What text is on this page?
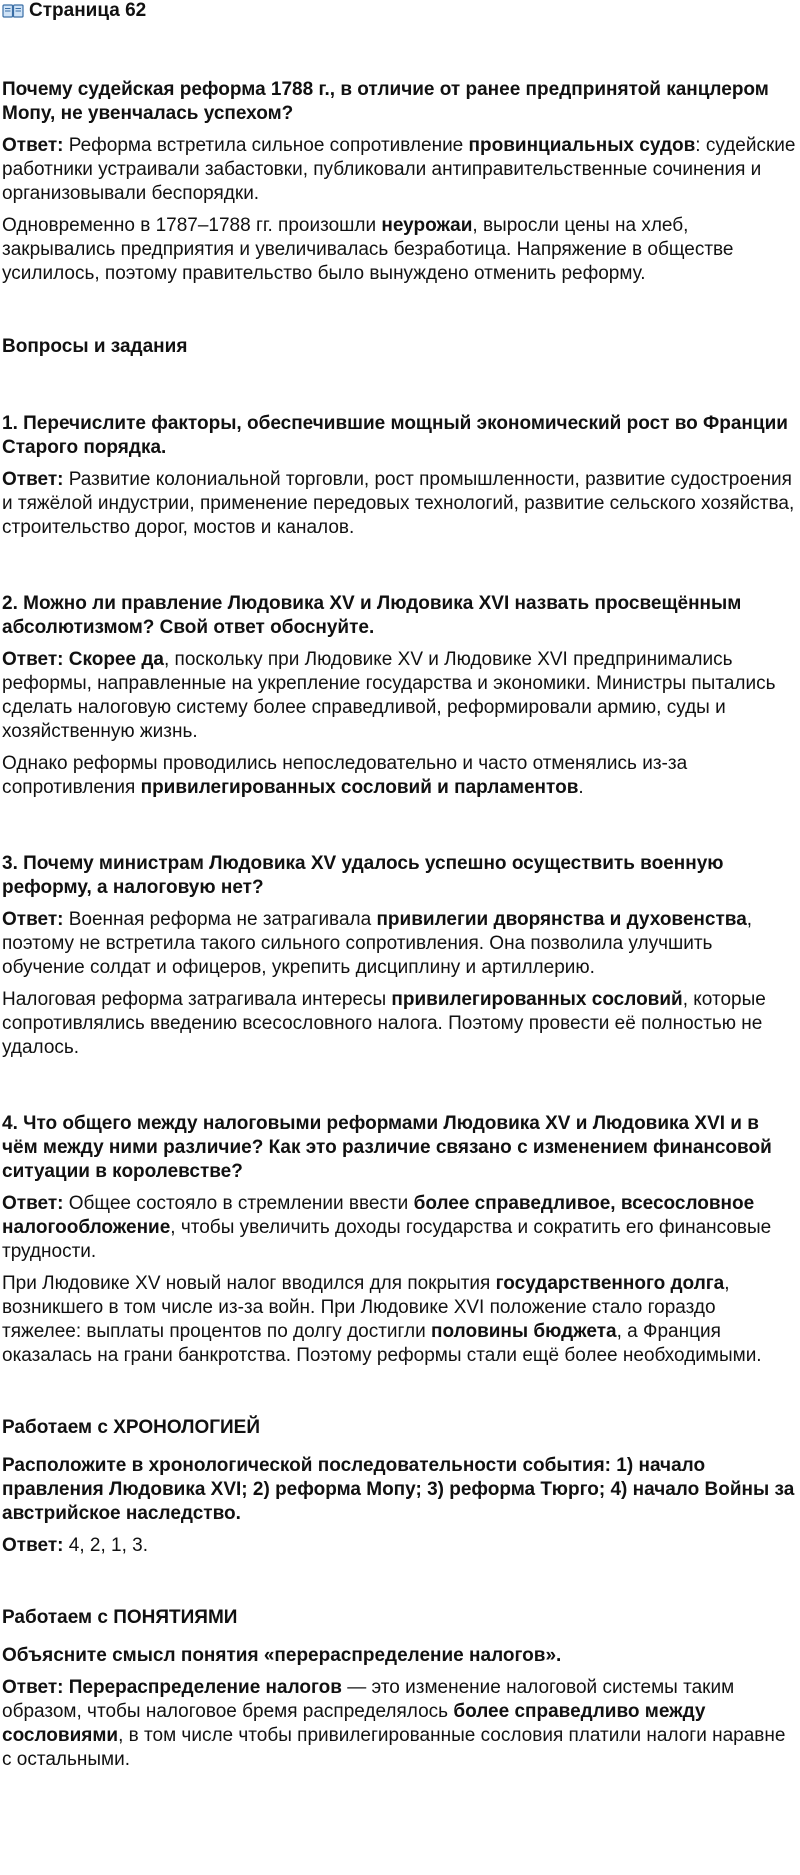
Страница 62

Почему судейская реформа 1788 г., в отличие от ранее предпринятой канцлером Мопу, не увенчалась успехом?

Ответ: Реформа встретила сильное сопротивление провинциальных судов: судейские работники устраивали забастовки, публиковали антиправительственные сочинения и организовывали беспорядки.

Одновременно в 1787–1788 гг. произошли неурожаи, выросли цены на хлеб, закрывались предприятия и увеличивалась безработица. Напряжение в обществе усилилось, поэтому правительство было вынуждено отменить реформу.

Вопросы и задания

1. Перечислите факторы, обеспечившие мощный экономический рост во Франции Старого порядка.

Ответ: Развитие колониальной торговли, рост промышленности, развитие судостроения и тяжёлой индустрии, применение передовых технологий, развитие сельского хозяйства, строительство дорог, мостов и каналов.

2. Можно ли правление Людовика XV и Людовика XVI назвать просвещённым абсолютизмом? Свой ответ обоснуйте.

Ответ: Скорее да, поскольку при Людовике XV и Людовике XVI предпринимались реформы, направленные на укрепление государства и экономики. Министры пытались сделать налоговую систему более справедливой, реформировали армию, суды и хозяйственную жизнь.

Однако реформы проводились непоследовательно и часто отменялись из-за сопротивления привилегированных сословий и парламентов.

3. Почему министрам Людовика XV удалось успешно осуществить военную реформу, а налоговую нет?

Ответ: Военная реформа не затрагивала привилегии дворянства и духовенства, поэтому не встретила такого сильного сопротивления. Она позволила улучшить обучение солдат и офицеров, укрепить дисциплину и артиллерию.

Налоговая реформа затрагивала интересы привилегированных сословий, которые сопротивлялись введению всесословного налога. Поэтому провести её полностью не удалось.

4. Что общего между налоговыми реформами Людовика XV и Людовика XVI и в чём между ними различие? Как это различие связано с изменением финансовой ситуации в королевстве?

Ответ: Общее состояло в стремлении ввести более справедливое, всесословное налогообложение, чтобы увеличить доходы государства и сократить его финансовые трудности.

При Людовике XV новый налог вводился для покрытия государственного долга, возникшего в том числе из-за войн. При Людовике XVI положение стало гораздо тяжелее: выплаты процентов по долгу достигли половины бюджета, а Франция оказалась на грани банкротства. Поэтому реформы стали ещё более необходимыми.

Работаем с ХРОНОЛОГИЕЙ

Расположите в хронологической последовательности события: 1) начало правления Людовика XVI; 2) реформа Мопу; 3) реформа Тюрго; 4) начало Войны за австрийское наследство.

Ответ: 4, 2, 1, 3.

Работаем с ПОНЯТИЯМИ

Объясните смысл понятия «перераспределение налогов».

Ответ: Перераспределение налогов — это изменение налоговой системы таким образом, чтобы налоговое бремя распределялось более справедливо между сословиями, в том числе чтобы привилегированные сословия платили налоги наравне с остальными.
